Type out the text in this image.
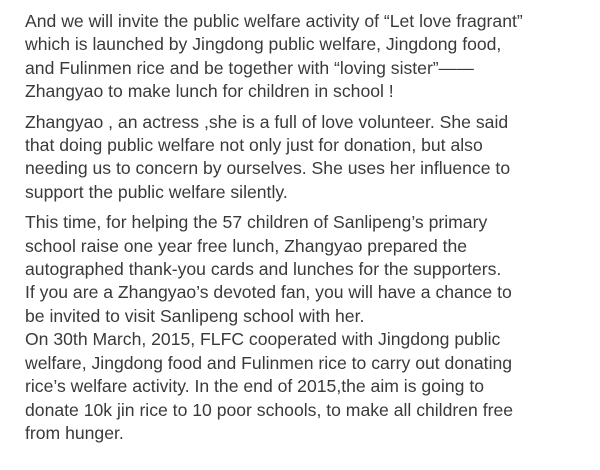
And we will invite the public welfare activity of “Let love fragrant”
which is launched by Jingdong public welfare, Jingdong food,
and Fulinmen rice and be together with “loving sister”——
Zhangyao to make lunch for children in school !

Zhangyao , an actress ,she is a full of love volunteer. She said
that doing public welfare not only just for donation, but also
needing us to concern by ourselves. She uses her influence to
support the public welfare silently.

This time, for helping the 57 children of Sanlipeng’s primary
school raise one year free lunch, Zhangyao prepared the
autographed thank-you cards and lunches for the supporters.
If you are a Zhangyao’s devoted fan, you will have a chance to
be invited to visit Sanlipeng school with her.

On 30th March, 2015, FLFC cooperated with Jingdong public
welfare, Jingdong food and Fulinmen rice to carry out donating
rice’s welfare activity. In the end of 2015,the aim is going to
donate 10k jin rice to 10 poor schools, to make all children free
from hunger.
